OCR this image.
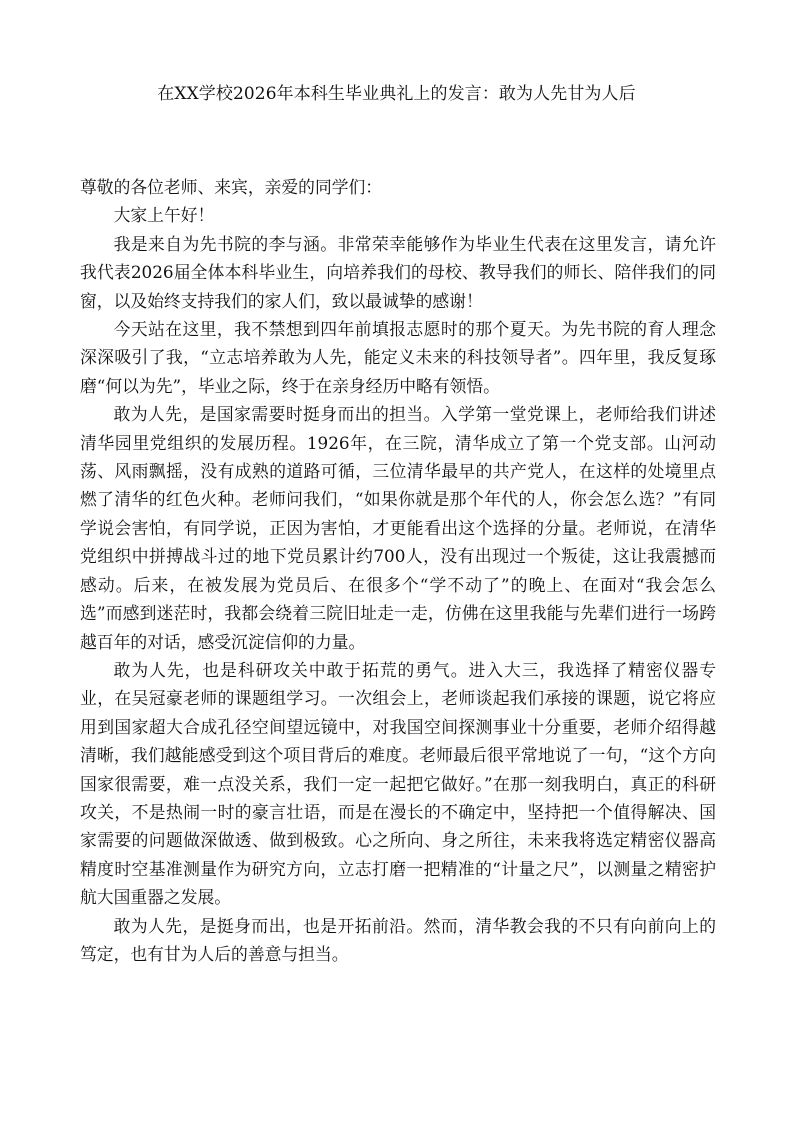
在XX学校2026年本科生毕业典礼上的发言：敢为人先甘为人后

尊敬的各位老师、来宾，亲爱的同学们：

大家上午好！

我是来自为先书院的李与涵。非常荣幸能够作为毕业生代表在这里发言，请允许我代表2026届全体本科毕业生，向培养我们的母校、教导我们的师长、陪伴我们的同窗，以及始终支持我们的家人们，致以最诚挚的感谢！

今天站在这里，我不禁想到四年前填报志愿时的那个夏天。为先书院的育人理念深深吸引了我，“立志培养敢为人先，能定义未来的科技领导者”。四年里，我反复琢磨“何以为先”，毕业之际，终于在亲身经历中略有领悟。

敢为人先，是国家需要时挺身而出的担当。入学第一堂党课上，老师给我们讲述清华园里党组织的发展历程。1926年，在三院，清华成立了第一个党支部。山河动荡、风雨飘摇，没有成熟的道路可循，三位清华最早的共产党人，在这样的处境里点燃了清华的红色火种。老师问我们，“如果你就是那个年代的人，你会怎么选？”有同学说会害怕，有同学说，正因为害怕，才更能看出这个选择的分量。老师说，在清华党组织中拼搏战斗过的地下党员累计约700人，没有出现过一个叛徒，这让我震撼而感动。后来，在被发展为党员后、在很多个“学不动了”的晚上、在面对“我会怎么选”而感到迷茫时，我都会绕着三院旧址走一走，仿佛在这里我能与先辈们进行一场跨越百年的对话，感受沉淀信仰的力量。

敢为人先，也是科研攻关中敢于拓荒的勇气。进入大三，我选择了精密仪器专业，在吴冠豪老师的课题组学习。一次组会上，老师谈起我们承接的课题，说它将应用到国家超大合成孔径空间望远镜中，对我国空间探测事业十分重要，老师介绍得越清晰，我们越能感受到这个项目背后的难度。老师最后很平常地说了一句，“这个方向国家很需要，难一点没关系，我们一定一起把它做好。”在那一刻我明白，真正的科研攻关，不是热闹一时的豪言壮语，而是在漫长的不确定中，坚持把一个值得解决、国家需要的问题做深做透、做到极致。心之所向、身之所往，未来我将选定精密仪器高精度时空基准测量作为研究方向，立志打磨一把精准的“计量之尺”，以测量之精密护航大国重器之发展。

敢为人先，是挺身而出，也是开拓前沿。然而，清华教会我的不只有向前向上的笃定，也有甘为人后的善意与担当。
